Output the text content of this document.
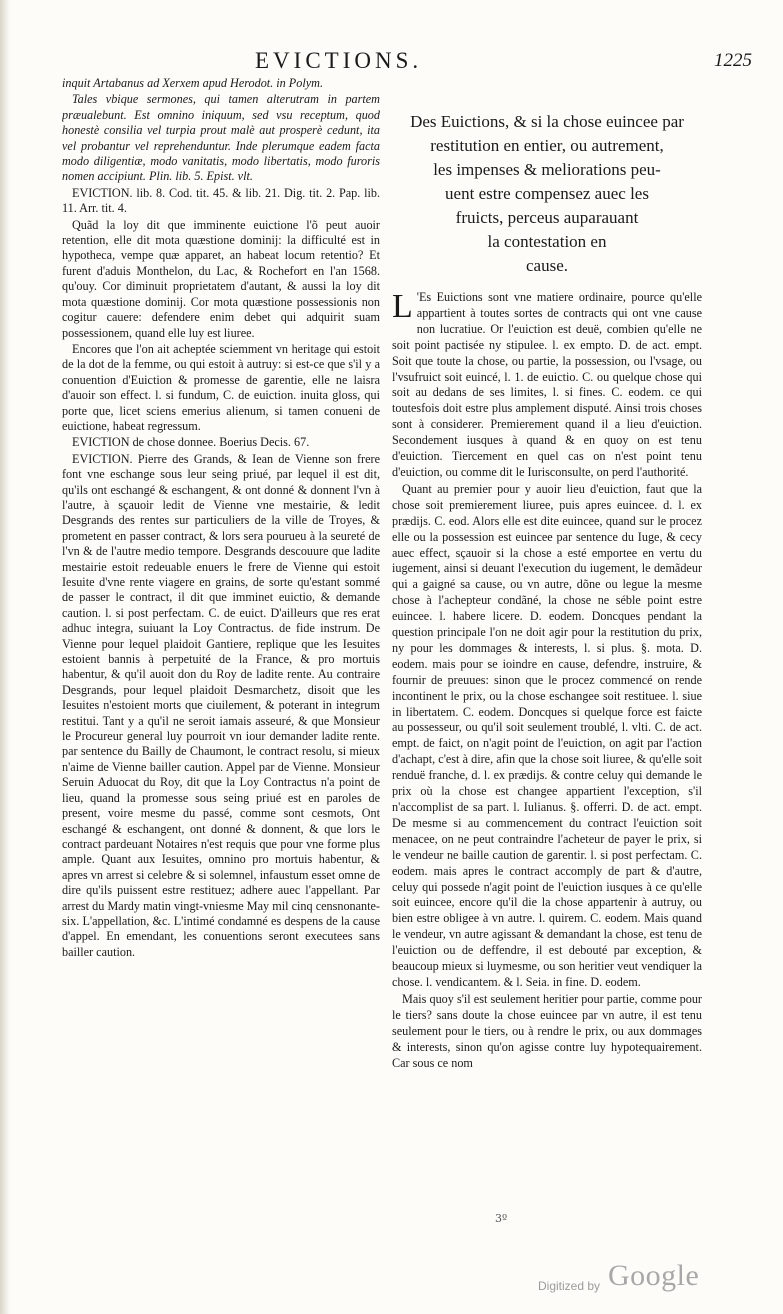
EVICTIONS.	1225

inquit Artabanus ad Xerxem apud Herodot. in Polym.

Tales vbique sermones, qui tamen alterutram in partem præualebunt. Est omnino iniquum, sed vsu receptum, quod honestè consilia vel turpia prout malè aut prosperè cedunt, ita vel probantur vel reprehenduntur. Inde plerumque eadem facta modo diligentiæ, modo vanitatis, modo libertatis, modo furoris nomen accipiunt. Plin. lib. 5. Epist. vlt.

EVICTION. lib. 8. Cod. tit. 45. & lib. 21. Dig. tit. 2. Pap. lib. 11. Arr. tit. 4.

Quãd la loy dit que imminente euictione l'õ peut auoir retention, elle dit mota quæstione dominij: la difficulté est in hypotheca, vempe quæ apparet, an habeat locum retentio? Et furent d'aduis Monthelon, du Lac, & Rochefort en l'an 1568. qu'ouy. Cor diminuit proprietatem d'autant, & aussi la loy dit mota quæstione dominij. Cor mota quæstione possessionis non cogitur cauere: defendere enim debet qui adquirit suam possessionem, quand elle luy est liuree.

Encores que l'on ait acheptée sciemment vn heritage qui estoit de la dot de la femme, ou qui estoit à autruy: si est-ce que s'il y a conuention d'Euiction & promesse de garentie, elle ne laisra d'auoir son effect. l. si fundum, C. de euiction. inuita gloss, qui porte que, licet sciens emerius alienum, si tamen conueni de euictione, habeat regressum.

EVICTION de chose donnee. Boerius Decis. 67.

EVICTION. Pierre des Grands, & Iean de Vienne son frere font vne eschange sous leur seing priué, par lequel il est dit, qu'ils ont eschangé & eschangent, & ont donné & donnent l'vn à l'autre, à sçauoir ledit de Vienne vne mestairie, & ledit Desgrands des rentes sur particuliers de la ville de Troyes, & prometent en passer contract, & lors sera pourueu à la seureté de l'vn & de l'autre medio tempore. Desgrands descouure que ladite mestairie estoit redeuable enuers le frere de Vienne qui estoit Iesuite d'vne rente viagere en grains, de sorte qu'estant sommé de passer le contract, il dit que imminet euictio, & demande caution. l. si post perfectam. C. de euict. D'ailleurs que res erat adhuc integra, suiuant la Loy Contractus. de fide instrum. De Vienne pour lequel plaidoit Gantiere, replique que les Iesuites estoient bannis à perpetuité de la France, & pro mortuis habentur, & qu'il auoit don du Roy de ladite rente. Au contraire Desgrands, pour lequel plaidoit Desmarchetz, disoit que les Iesuites n'estoient morts que ciuilement, & poterant in integrum restitui. Tant y a qu'il ne seroit iamais asseuré, & que Monsieur le Procureur general luy pourroit vn iour demander ladite rente. par sentence du Bailly de Chaumont, le contract resolu, si mieux n'aime de Vienne bailler caution. Appel par de Vienne. Monsieur Seruin Aduocat du Roy, dit que la Loy Contractus n'a point de lieu, quand la promesse sous seing priué est en paroles de present, voire mesme du passé, comme sont cesmots, Ont eschangé & eschangent, ont donné & donnent, & que lors le contract pardeuant Notaires n'est requis que pour vne forme plus ample. Quant aux Iesuites, omnino pro mortuis habentur, & apres vn arrest si celebre & si solemnel, infaustum esset omne de dire qu'ils puissent estre restituez; adhere auec l'appellant. Par arrest du Mardy matin vingt-vniesme May mil cinq censnonante-six. L'appellation, &c. L'intimé condamné es despens de la cause d'appel. En emendant, les conuentions seront executees sans bailler caution.

Des Euictions, & si la chose euincee par
restitution en entier, ou autrement,
les impenses & meliorations peu-
uent estre compensez auec les
fruicts, perceus auparauant
la contestation en
cause.

L 'Es Euictions sont vne matiere ordinaire, pource qu'elle appartient à toutes sortes de contracts qui ont vne cause non lucratiue. Or l'euiction est deuë, combien qu'elle ne soit point pactisée ny stipulee. l. ex empto. D. de act. empt. Soit que toute la chose, ou partie, la possession, ou l'vsage, ou l'vsufruict soit euincé, l. 1. de euictio. C. ou quelque chose qui soit au dedans de ses limites, l. si fines. C. eodem. ce qui toutesfois doit estre plus amplement disputé. Ainsi trois choses sont à considerer. Premierement quand il a lieu d'euiction. Secondement iusques à quand & en quoy on est tenu d'euiction. Tiercement en quel cas on n'est point tenu d'euiction, ou comme dit le Iurisconsulte, on perd l'authorité.

Quant au premier pour y auoir lieu d'euiction, faut que la chose soit premierement liuree, puis apres euincee. d. l. ex prædijs. C. eod. Alors elle est dite euincee, quand sur le procez elle ou la possession est euincee par sentence du Iuge, & cecy auec effect, sçauoir si la chose a esté emportee en vertu du iugement, ainsi si deuant l'execution du iugement, le demãdeur qui a gaigné sa cause, ou vn autre, dõne ou legue la mesme chose à l'achepteur condãné, la chose ne séble point estre euincee. l. habere licere. D. eodem. Doncques pendant la question principale l'on ne doit agir pour la restitution du prix, ny pour les dommages & interests, l. si plus. §. mota. D. eodem. mais pour se ioindre en cause, defendre, instruire, & fournir de preuues: sinon que le procez commencé on rende incontinent le prix, ou la chose eschangee soit restituee. l. siue in libertatem. C. eodem. Doncques si quelque force est faicte au possesseur, ou qu'il soit seulement troublé, l. vlti. C. de act. empt. de faict, on n'agit point de l'euiction, on agit par l'action d'achapt, c'est à dire, afin que la chose soit liuree, & qu'elle soit renduë franche, d. l. ex prædijs. & contre celuy qui demande le prix où la chose est changee appartient l'exception, s'il n'accomplist de sa part. l. Iulianus. §. offerri. D. de act. empt. De mesme si au commencement du contract l'euiction soit menacee, on ne peut contraindre l'acheteur de payer le prix, si le vendeur ne baille caution de garentir. l. si post perfectam. C. eodem. mais apres le contract accomply de part & d'autre, celuy qui possede n'agit point de l'euiction iusques à ce qu'elle soit euincee, encore qu'il die la chose appartenir à autruy, ou bien estre obligee à vn autre. l. quirem. C. eodem. Mais quand le vendeur, vn autre agissant & demandant la chose, est tenu de l'euiction ou de deffendre, il est debouté par exception, & beaucoup mieux si luymesme, ou son heritier veut vendiquer la chose. l. vendicantem. & l. Seia. in fine. D. eodem.

Mais quoy s'il est seulement heritier pour partie, comme pour le tiers? sans doute la chose euincee par vn autre, il est tenu seulement pour le tiers, ou à rendre le prix, ou aux dommages & interests, sinon qu'on agisse contre luy hypotequairement. Car sous ce nom

3º
Digitized by Google
